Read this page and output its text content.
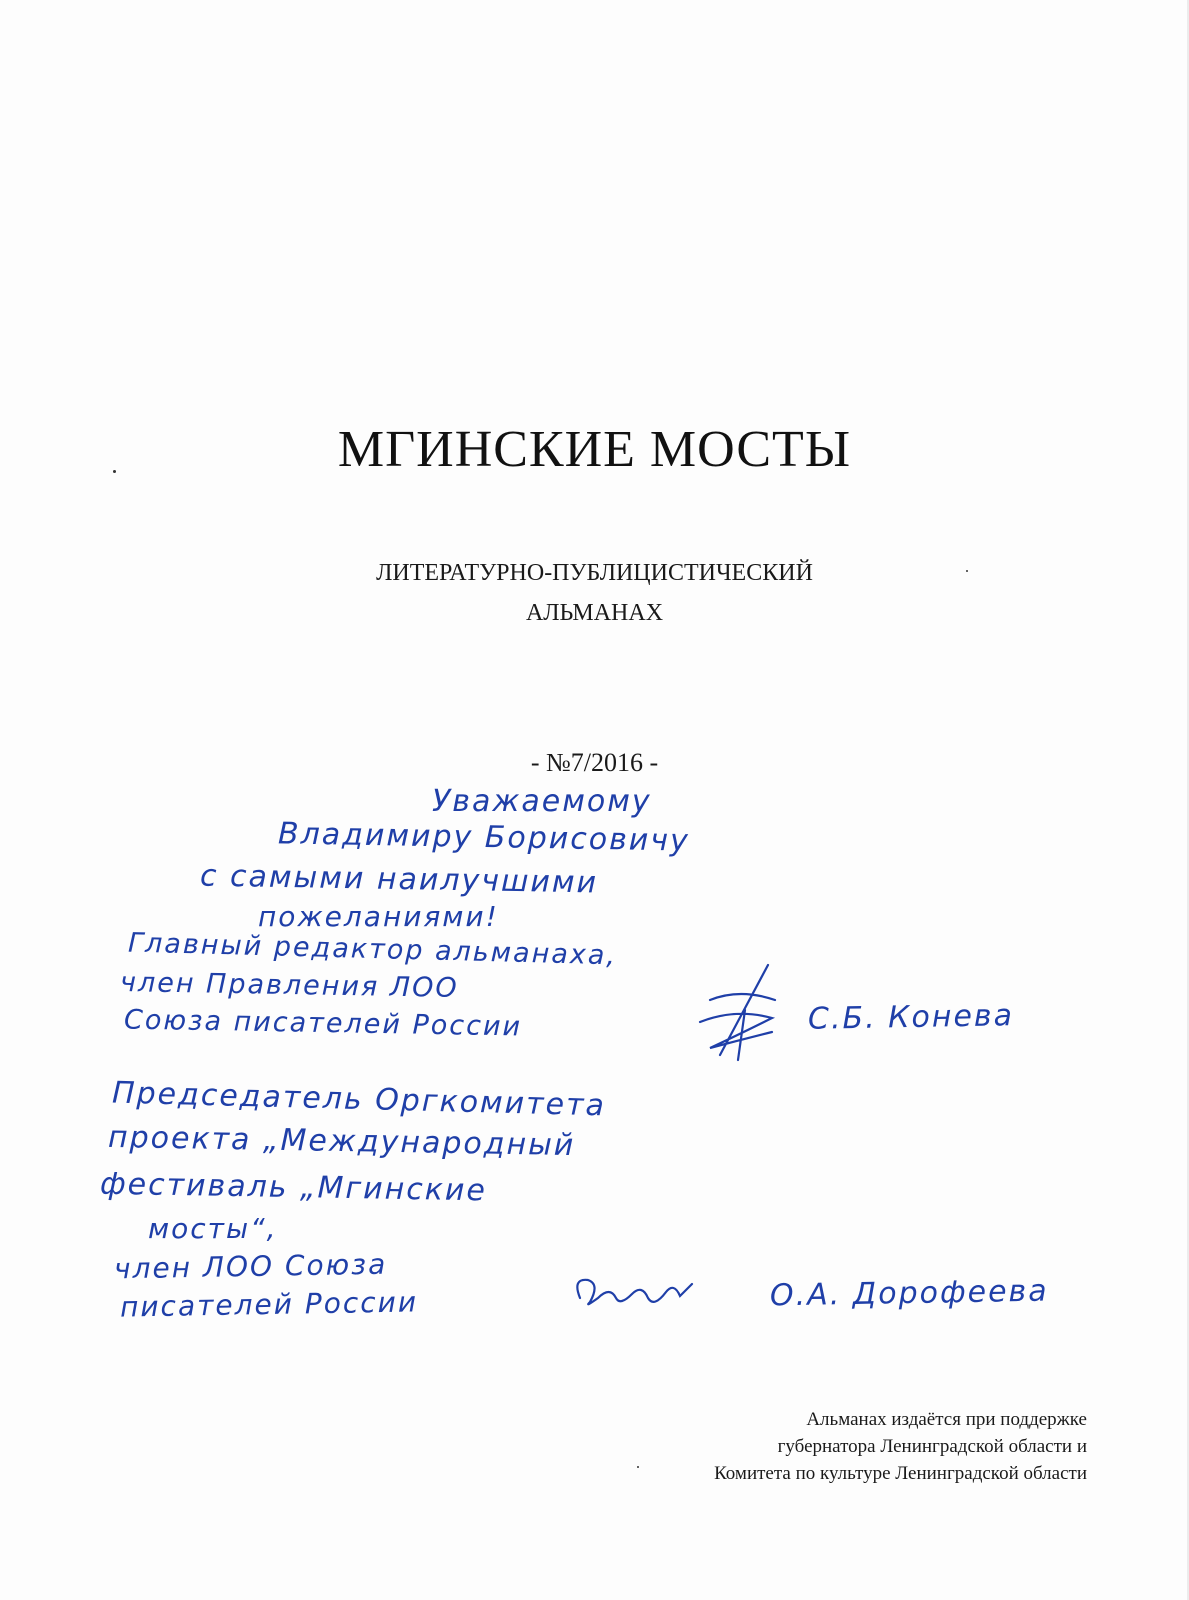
МГИНСКИЕ МОСТЫ
ЛИТЕРАТУРНО-ПУБЛИЦИСТИЧЕСКИЙ
АЛЬМАНАХ
- №7/2016 -
Уважаемому
Владимиру Борисовичу
с самыми наилучшими
пожеланиями!
Главный редактор альманаха,
член Правления ЛОО
Союза писателей России	С.Б. Конева
Председатель Оргкомитета
проекта „Международный
фестиваль „Мгинские
мосты“,
член ЛОО Союза
писателей России	О.А. Дорофеева
Альманах издаётся при поддержке
губернатора Ленинградской области и
Комитета по культуре Ленинградской области
